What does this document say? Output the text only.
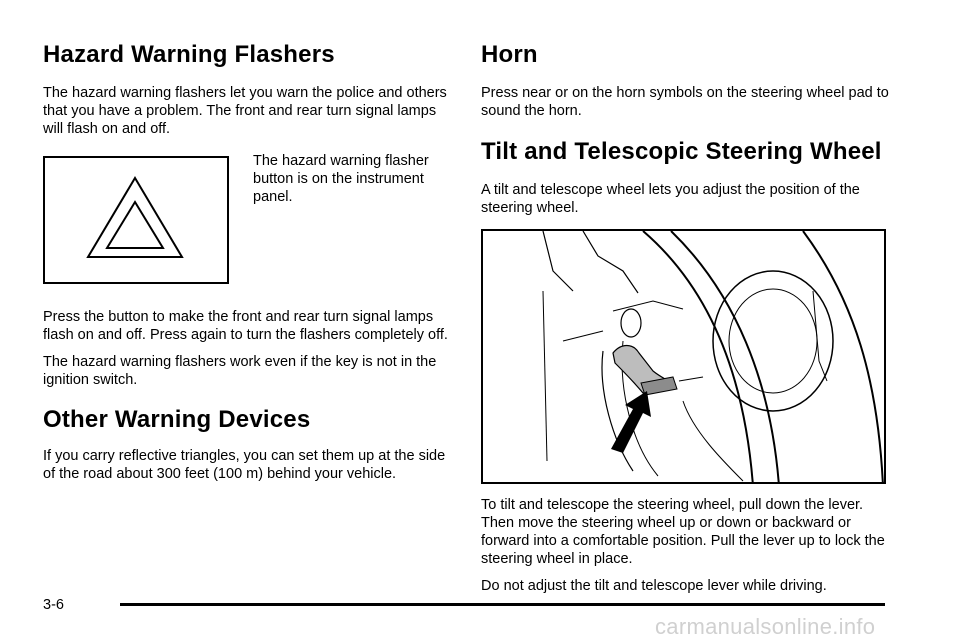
Hazard Warning Flashers

The hazard warning flashers let you warn the police and others that you have a problem. The front and rear turn signal lamps will flash on and off.

The hazard warning flasher button is on the instrument panel.

Press the button to make the front and rear turn signal lamps flash on and off. Press again to turn the flashers completely off.

The hazard warning flashers work even if the key is not in the ignition switch.

Other Warning Devices

If you carry reflective triangles, you can set them up at the side of the road about 300 feet (100 m) behind your vehicle.

Horn

Press near or on the horn symbols on the steering wheel pad to sound the horn.

Tilt and Telescopic Steering Wheel

A tilt and telescope wheel lets you adjust the position of the steering wheel.

To tilt and telescope the steering wheel, pull down the lever. Then move the steering wheel up or down or backward or forward into a comfortable position. Pull the lever up to lock the steering wheel in place.

Do not adjust the tilt and telescope lever while driving.

3-6
carmanualsonline.info
